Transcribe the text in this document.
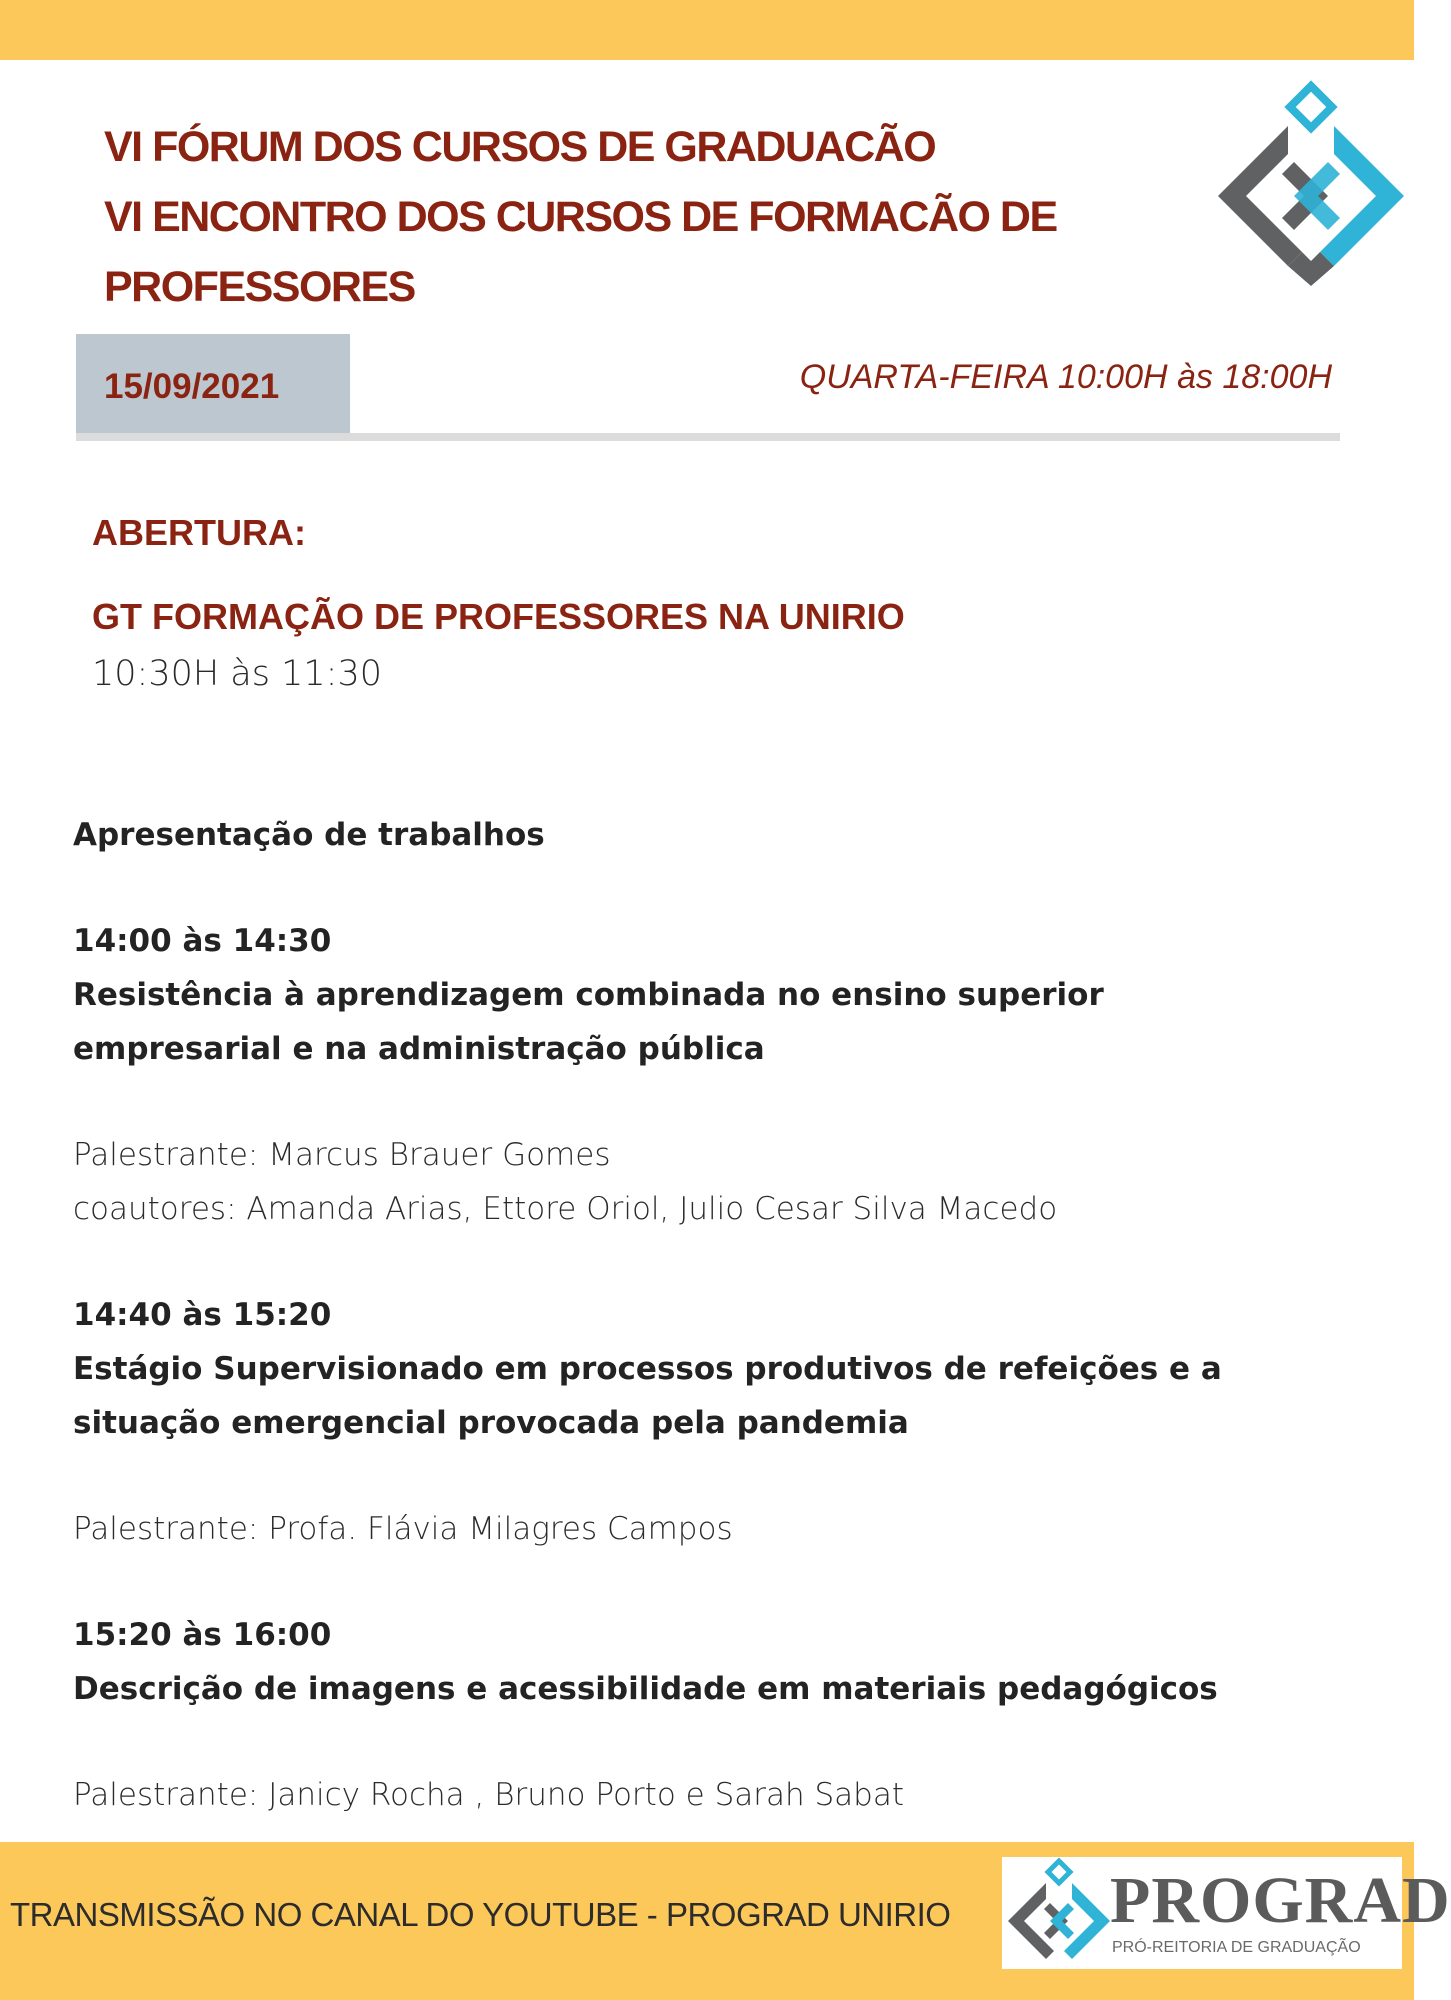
VI FÓRUM DOS CURSOS DE GRADUACÃO
VI ENCONTRO DOS CURSOS DE FORMACÃO DE
PROFESSORES
15/09/2021	QUARTA-FEIRA 10:00H às 18:00H
ABERTURA:
GT FORMAÇÃO DE PROFESSORES NA UNIRIO
10:30H às 11:30
Apresentação de trabalhos
14:00 às 14:30
Resistência à aprendizagem combinada no ensino superior
empresarial e na administração pública
Palestrante: Marcus Brauer Gomes
coautores: Amanda Arias, Ettore Oriol, Julio Cesar Silva Macedo
14:40 às 15:20
Estágio Supervisionado em processos produtivos de refeições e a
situação emergencial provocada pela pandemia
Palestrante: Profa. Flávia Milagres Campos
15:20 às 16:00
Descrição de imagens e acessibilidade em materiais pedagógicos
Palestrante: Janicy Rocha , Bruno Porto e Sarah Sabat
TRANSMISSÃO NO CANAL DO YOUTUBE - PROGRAD UNIRIO PROGRAD
PRÓ-REITORIA DE GRADUAÇÃO
